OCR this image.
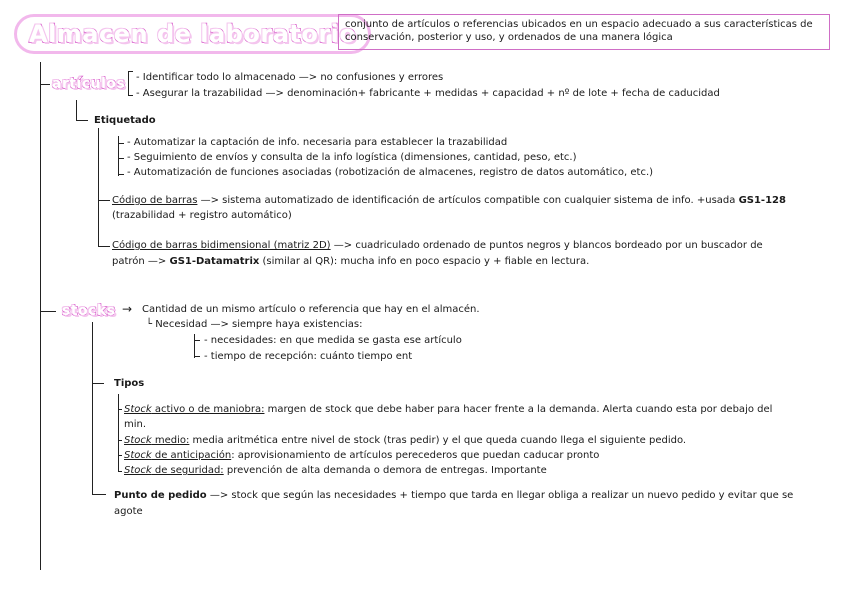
Almacen de laboratorio
conjunto de artículos o referencias ubicados en un espacio adecuado a sus características de conservación, posterior y uso, y ordenados de una manera lógica
artículos - Identificar todo lo almacenado —> no confusiones y errores
- Asegurar la trazabilidad —> denominación+ fabricante + medidas + capacidad + nº de lote + fecha de caducidad
Etiquetado
- Automatizar la captación de info. necesaria para establecer la trazabilidad
- Seguimiento de envíos y consulta de la info logística (dimensiones, cantidad, peso, etc.)
- Automatización de funciones asociadas (robotización de almacenes, registro de datos automático, etc.)
Código de barras —> sistema automatizado de identificación de artículos compatible con cualquier sistema de info. +usada GS1-128
(trazabilidad + registro automático)
Código de barras bidimensional (matriz 2D) —> cuadriculado ordenado de puntos negros y blancos bordeado por un buscador de
patrón —> GS1-Datamatrix (similar al QR): mucha info en poco espacio y + fiable en lectura.
stocks → Cantidad de un mismo artículo o referencia que hay en el almacén.
└ Necesidad —> siempre haya existencias:
- necesidades: en que medida se gasta ese artículo
- tiempo de recepción: cuánto tiempo ent
Tipos
Stock activo o de maniobra: margen de stock que debe haber para hacer frente a la demanda. Alerta cuando esta por debajo del
min.
Stock medio: media aritmética entre nivel de stock (tras pedir) y el que queda cuando llega el siguiente pedido.
Stock de anticipación: aprovisionamiento de artículos perecederos que puedan caducar pronto
Stock de seguridad: prevención de alta demanda o demora de entregas. Importante
Punto de pedido —> stock que según las necesidades + tiempo que tarda en llegar obliga a realizar un nuevo pedido y evitar que se
agote
